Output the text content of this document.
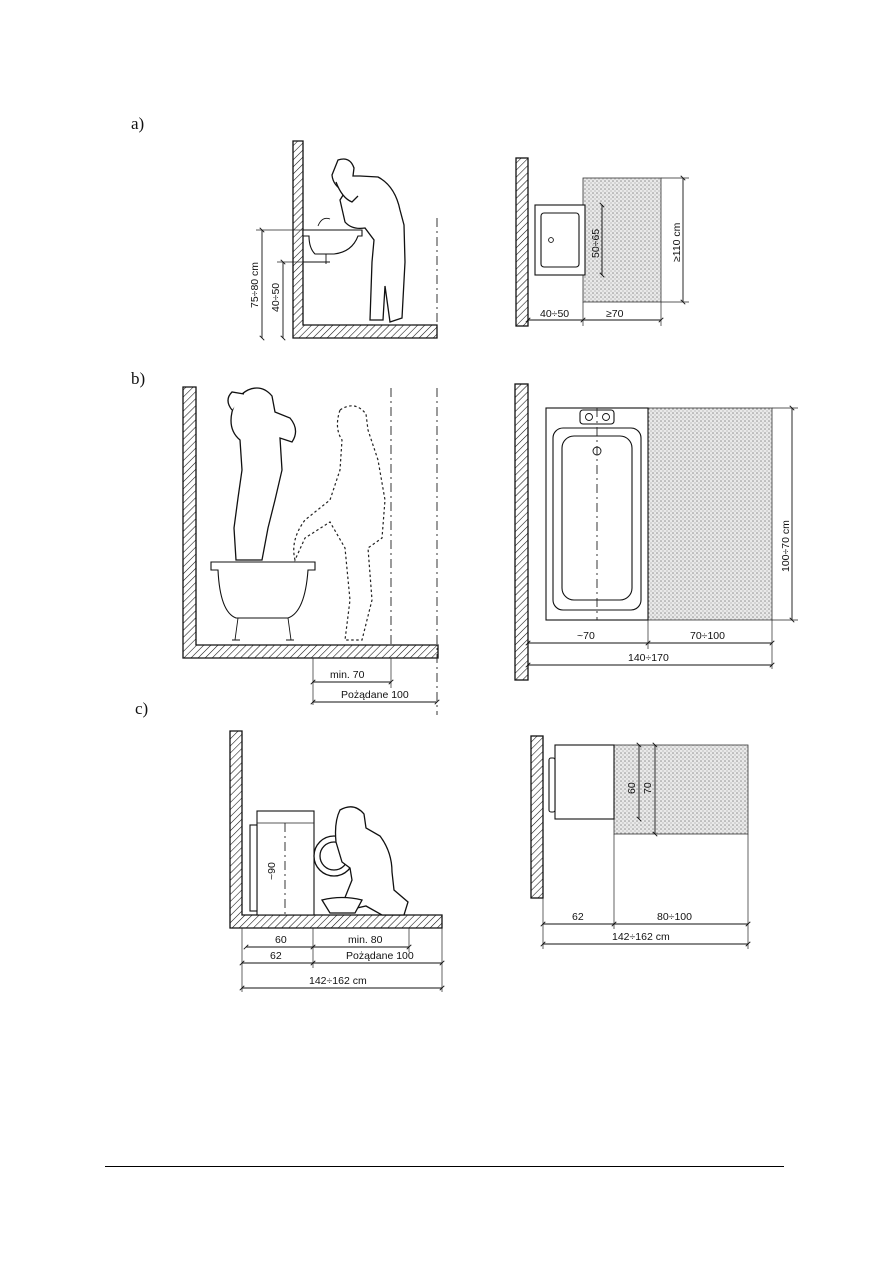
a)
75÷80 cm 40÷50
50÷65	≥110 cm
40÷50	≥70
b)
min. 70
Pożądane 100
100÷70 cm
~70	70÷100
140÷170
c)
~90
60	min. 80
62	Pożądane 100
142÷162 cm
60 70
62	80÷100
142÷162 cm
